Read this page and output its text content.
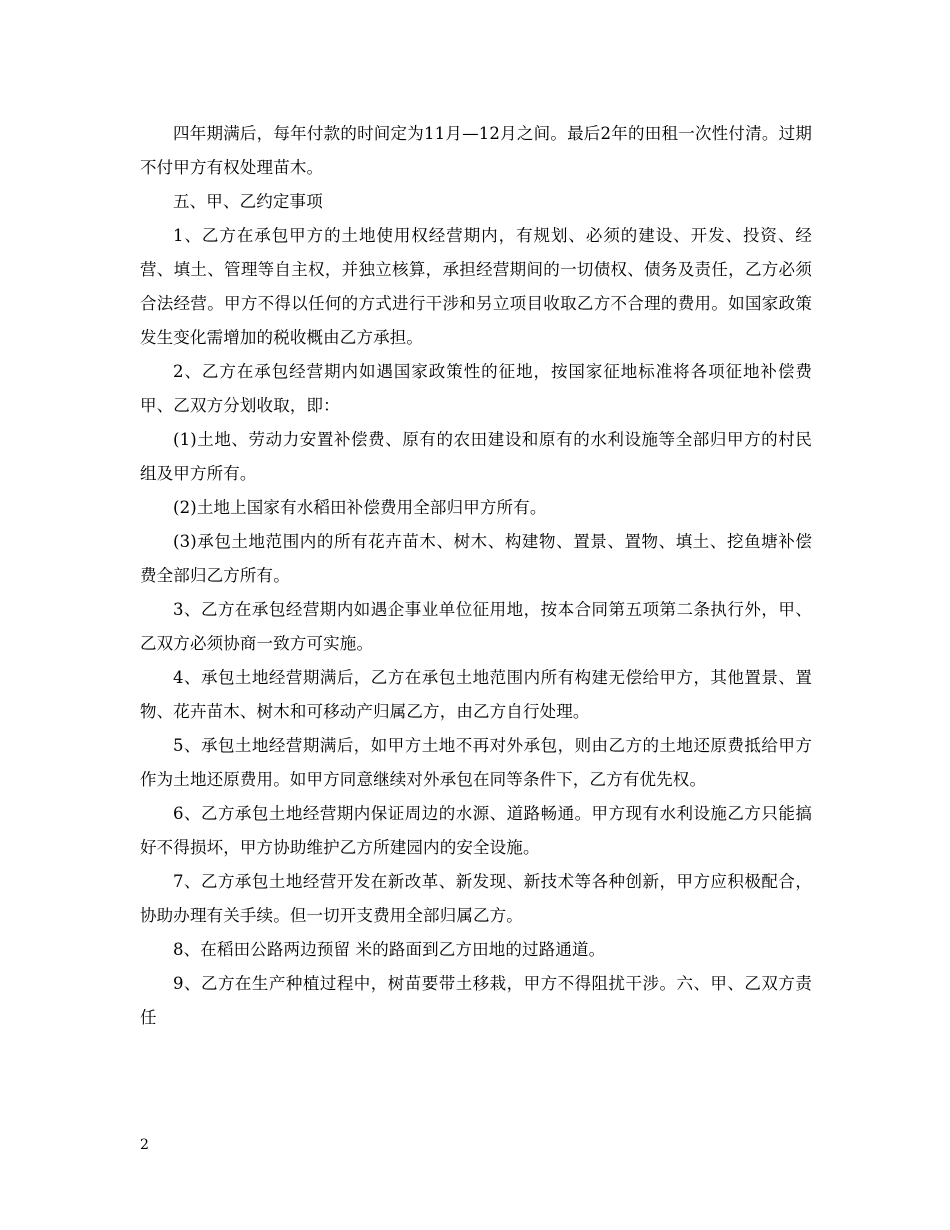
四年期满后，每年付款的时间定为11月—12月之间。最后2年的田租一次性付清。过期不付甲方有权处理苗木。

五、甲、乙约定事项

1、乙方在承包甲方的土地使用权经营期内，有规划、必须的建设、开发、投资、经营、填土、管理等自主权，并独立核算，承担经营期间的一切债权、债务及责任，乙方必须合法经营。甲方不得以任何的方式进行干涉和另立项目收取乙方不合理的费用。如国家政策发生变化需增加的税收概由乙方承担。

2、乙方在承包经营期内如遇国家政策性的征地，按国家征地标准将各项征地补偿费甲、乙双方分划收取，即：

(1)土地、劳动力安置补偿费、原有的农田建设和原有的水利设施等全部归甲方的村民组及甲方所有。

(2)土地上国家有水稻田补偿费用全部归甲方所有。

(3)承包土地范围内的所有花卉苗木、树木、构建物、置景、置物、填土、挖鱼塘补偿费全部归乙方所有。

3、乙方在承包经营期内如遇企事业单位征用地，按本合同第五项第二条执行外，甲、乙双方必须协商一致方可实施。

4、承包土地经营期满后，乙方在承包土地范围内所有构建无偿给甲方，其他置景、置物、花卉苗木、树木和可移动产归属乙方，由乙方自行处理。

5、承包土地经营期满后，如甲方土地不再对外承包，则由乙方的土地还原费抵给甲方作为土地还原费用。如甲方同意继续对外承包在同等条件下，乙方有优先权。

6、乙方承包土地经营期内保证周边的水源、道路畅通。甲方现有水利设施乙方只能搞好不得损坏，甲方协助维护乙方所建园内的安全设施。

7、乙方承包土地经营开发在新改革、新发现、新技术等各种创新，甲方应积极配合，协助办理有关手续。但一切开支费用全部归属乙方。

8、在稻田公路两边预留 米的路面到乙方田地的过路通道。

9、乙方在生产种植过程中，树苗要带土移栽，甲方不得阻扰干涉。六、甲、乙双方责任

2
